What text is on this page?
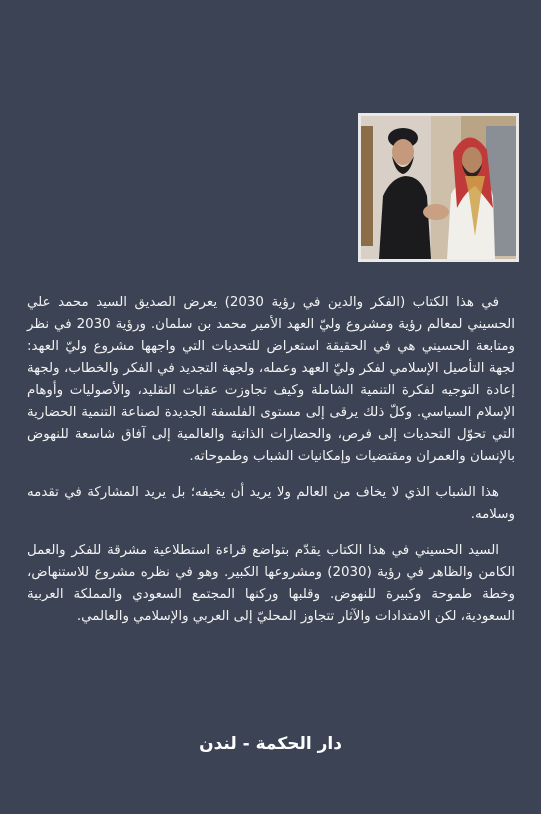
في هذا الكتاب (الفكر والدين في رؤية 2030) يعرض الصديق السيد محمد علي الحسيني لمعالم رؤية ومشروع وليّ العهد الأمير محمد بن سلمان. ورؤية 2030 في نظر ومتابعة الحسيني هي في الحقيقة استعراض للتحديات التي واجهها مشروع وليّ العهد: لجهة التأصيل الإسلامي لفكر وليّ العهد وعمله، ولجهة التجديد في الفكر والخطاب، ولجهة إعادة التوجيه لفكرة التنمية الشاملة وكيف تجاوزت عقبات التقليد، والأصوليات وأوهام الإسلام السياسي. وكلّ ذلك يرقى إلى مستوى الفلسفة الجديدة لصناعة التنمية الحضارية التي تحوّل التحديات إلى فرص، والحضارات الذاتية والعالمية إلى آفاق شاسعة للنهوض بالإنسان والعمران ومقتضيات وإمكانيات الشباب وطموحاته.

هذا الشباب الذي لا يخاف من العالم ولا يريد أن يخيفه؛ بل يريد المشاركة في تقدمه وسلامه.

السيد الحسيني في هذا الكتاب يقدّم بتواضع قراءة استطلاعية مشرقة للفكر والعمل الكامن والظاهر في رؤية (2030) ومشروعها الكبير. وهو في نظره مشروع للاستنهاض، وخطة طموحة وكبيرة للنهوض. وقلبها وركنها المجتمع السعودي والمملكة العربية السعودية، لكن الامتدادات والآثار تتجاوز المحليّ إلى العربي والإسلامي والعالمي.

دار الحكمة - لندن
